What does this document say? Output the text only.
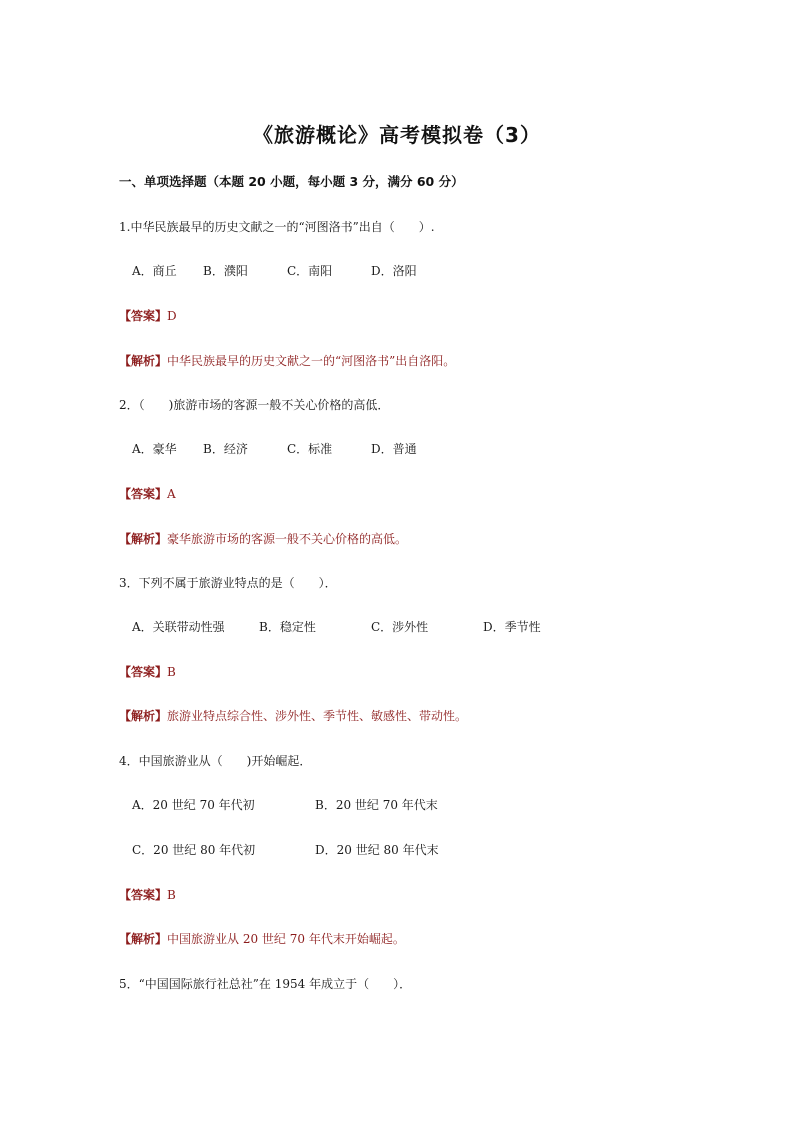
《旅游概论》高考模拟卷（3）
一、单项选择题（本题 20 小题，每小题 3 分，满分 60 分）
1.中华民族最早的历史文献之一的“河图洛书”出自（　　）.
A．商丘 B．濮阳	C．南阳	D．洛阳
【答案】D
【解析】中华民族最早的历史文献之一的“河图洛书”出自洛阳。
2．（　　)旅游市场的客源一般不关心价格的高低．
A．豪华 B．经济	C．标准	D．普通
【答案】A
【解析】豪华旅游市场的客源一般不关心价格的高低。
3．下列不属于旅游业特点的是（　　）．
A．关联带动性强	B．稳定性	C．涉外性	D．季节性
【答案】B
【解析】旅游业特点综合性、涉外性、季节性、敏感性、带动性。
4．中国旅游业从（　　)开始崛起．
A．20 世纪 70 年代初	B．20 世纪 70 年代末
C．20 世纪 80 年代初	D．20 世纪 80 年代末
【答案】B
【解析】中国旅游业从 20 世纪 70 年代末开始崛起。
5．“中国国际旅行社总社”在 1954 年成立于（　　）．
